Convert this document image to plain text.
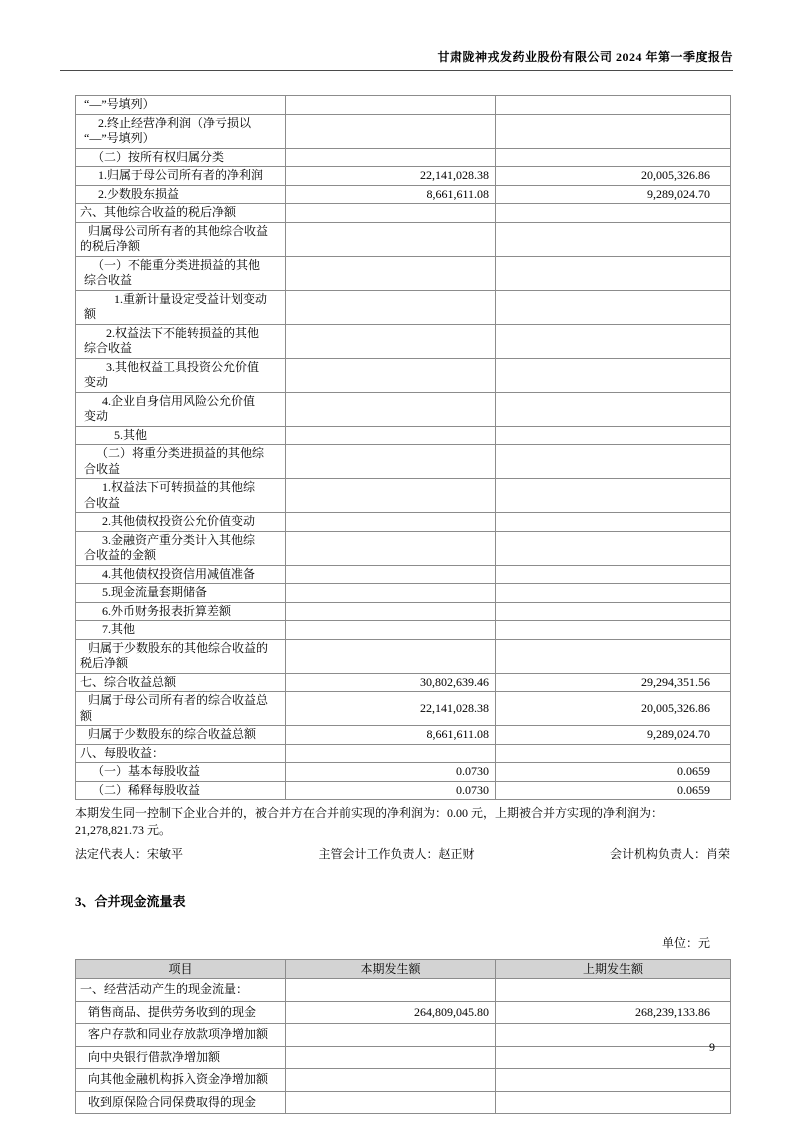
甘肃陇神戎发药业股份有限公司 2024 年第一季度报告
“—”号填列）		

2.终止经营净利润（净亏损以
“—”号填列）		

（二）按所有权归属分类		

1.归属于母公司所有者的净利润	22,141,028.38	20,005,326.86

2.少数股东损益	8,661,611.08	9,289,024.70

六、其他综合收益的税后净额		

归属母公司所有者的其他综合收益
的税后净额		

（一）不能重分类进损益的其他
综合收益		

1.重新计量设定受益计划变动
额		

2.权益法下不能转损益的其他
综合收益		

3.其他权益工具投资公允价值
变动		

4.企业自身信用风险公允价值
变动		

5.其他		

（二）将重分类进损益的其他综
合收益		

1.权益法下可转损益的其他综
合收益		

2.其他债权投资公允价值变动		

3.金融资产重分类计入其他综
合收益的金额		

4.其他债权投资信用减值准备		

5.现金流量套期储备		

6.外币财务报表折算差额		

7.其他		

归属于少数股东的其他综合收益的
税后净额		

七、综合收益总额	30,802,639.46	29,294,351.56

归属于母公司所有者的综合收益总
额	22,141,028.38	20,005,326.86

归属于少数股东的综合收益总额	8,661,611.08	9,289,024.70

八、每股收益：		

（一）基本每股收益	0.0730	0.0659

（二）稀释每股收益	0.0730	0.0659
本期发生同一控制下企业合并的，被合并方在合并前实现的净利润为：0.00 元，上期被合并方实现的净利润为：
21,278,821.73 元。
法定代表人：宋敏平	主管会计工作负责人：赵正财	会计机构负责人：肖荣
3、合并现金流量表
单位：元
项目	本期发生额	上期发生额

一、经营活动产生的现金流量：		

销售商品、提供劳务收到的现金	264,809,045.80	268,239,133.86

客户存款和同业存放款项净增加额		

向中央银行借款净增加额		

向其他金融机构拆入资金净增加额		

收到原保险合同保费取得的现金		

9
